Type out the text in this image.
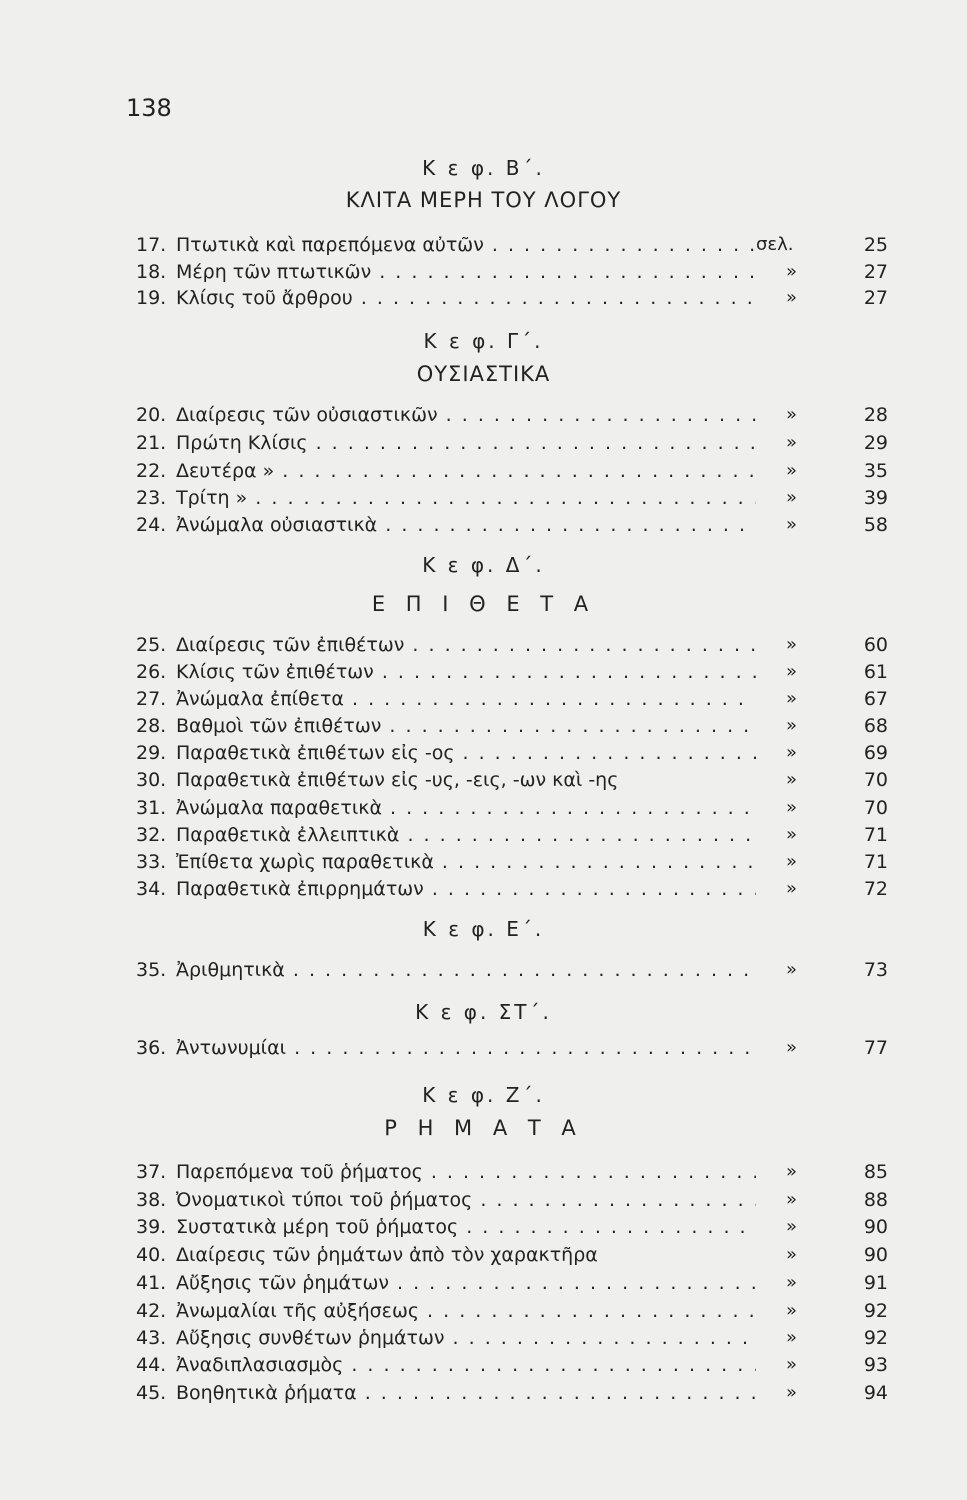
138
Κ ε φ. Β΄.
ΚΛΙΤΑ ΜΕΡΗ ΤΟΥ ΛΟΓΟΥ
17. Πτωτικὰ καὶ παρεπόμενα αὐτῶν . . .	σελ.	25
18. Μέρη τῶν πτωτικῶν . . .	»	27
19. Κλίσις τοῦ ἄρθρου . . .	»	27
Κ ε φ. Γ΄.
ΟΥΣΙΑΣΤΙΚΑ
20. Διαίρεσις τῶν οὐσιαστικῶν . . .	»	28
21. Πρώτη Κλίσις . . .	»	29
22. Δευτέρα » . . .	»	35
23. Τρίτη » . . .	»	39
24. Ἀνώμαλα οὐσιαστικὰ . . .	»	58
Κ ε φ. Δ΄.
Ε Π Ι Θ Ε Τ Α
25. Διαίρεσις τῶν ἐπιθέτων . . .	»	60
26. Κλίσις τῶν ἐπιθέτων . . .	»	61
27. Ἀνώμαλα ἐπίθετα . . .	»	67
28. Βαθμοὶ τῶν ἐπιθέτων . . .	»	68
29. Παραθετικὰ ἐπιθέτων εἰς -ος . . .	»	69
30. Παραθετικὰ ἐπιθέτων εἰς -υς, -εις, -ων καὶ -ης	»	70
31. Ἀνώμαλα παραθετικὰ . . .	»	70
32. Παραθετικὰ ἐλλειπτικὰ . . .	»	71
33. Ἐπίθετα χωρὶς παραθετικὰ . . .	»	71
34. Παραθετικὰ ἐπιρρημάτων . . .	»	72
Κ ε φ. Ε΄.
35. Ἀριθμητικὰ . . .	»	73
Κ ε φ. ΣΤ΄.
36. Ἀντωνυμίαι . . .	»	77
Κ ε φ. Ζ΄.
Ρ Η Μ Α Τ Α
37. Παρεπόμενα τοῦ ῥήματος . . .	»	85
38. Ὀνοματικοὶ τύποι τοῦ ῥήματος . . .	»	88
39. Συστατικὰ μέρη τοῦ ῥήματος . . .	»	90
40. Διαίρεσις τῶν ῥημάτων ἀπὸ τὸν χαρακτῆρα	»	90
41. Αὔξησις τῶν ῥημάτων . . .	»	91
42. Ἀνωμαλίαι τῆς αὐξήσεως . . .	»	92
43. Αὔξησις συνθέτων ῥημάτων . . .	»	92
44. Ἀναδιπλασιασμὸς . . .	»	93
45. Βοηθητικὰ ῥήματα . . .	»	94
